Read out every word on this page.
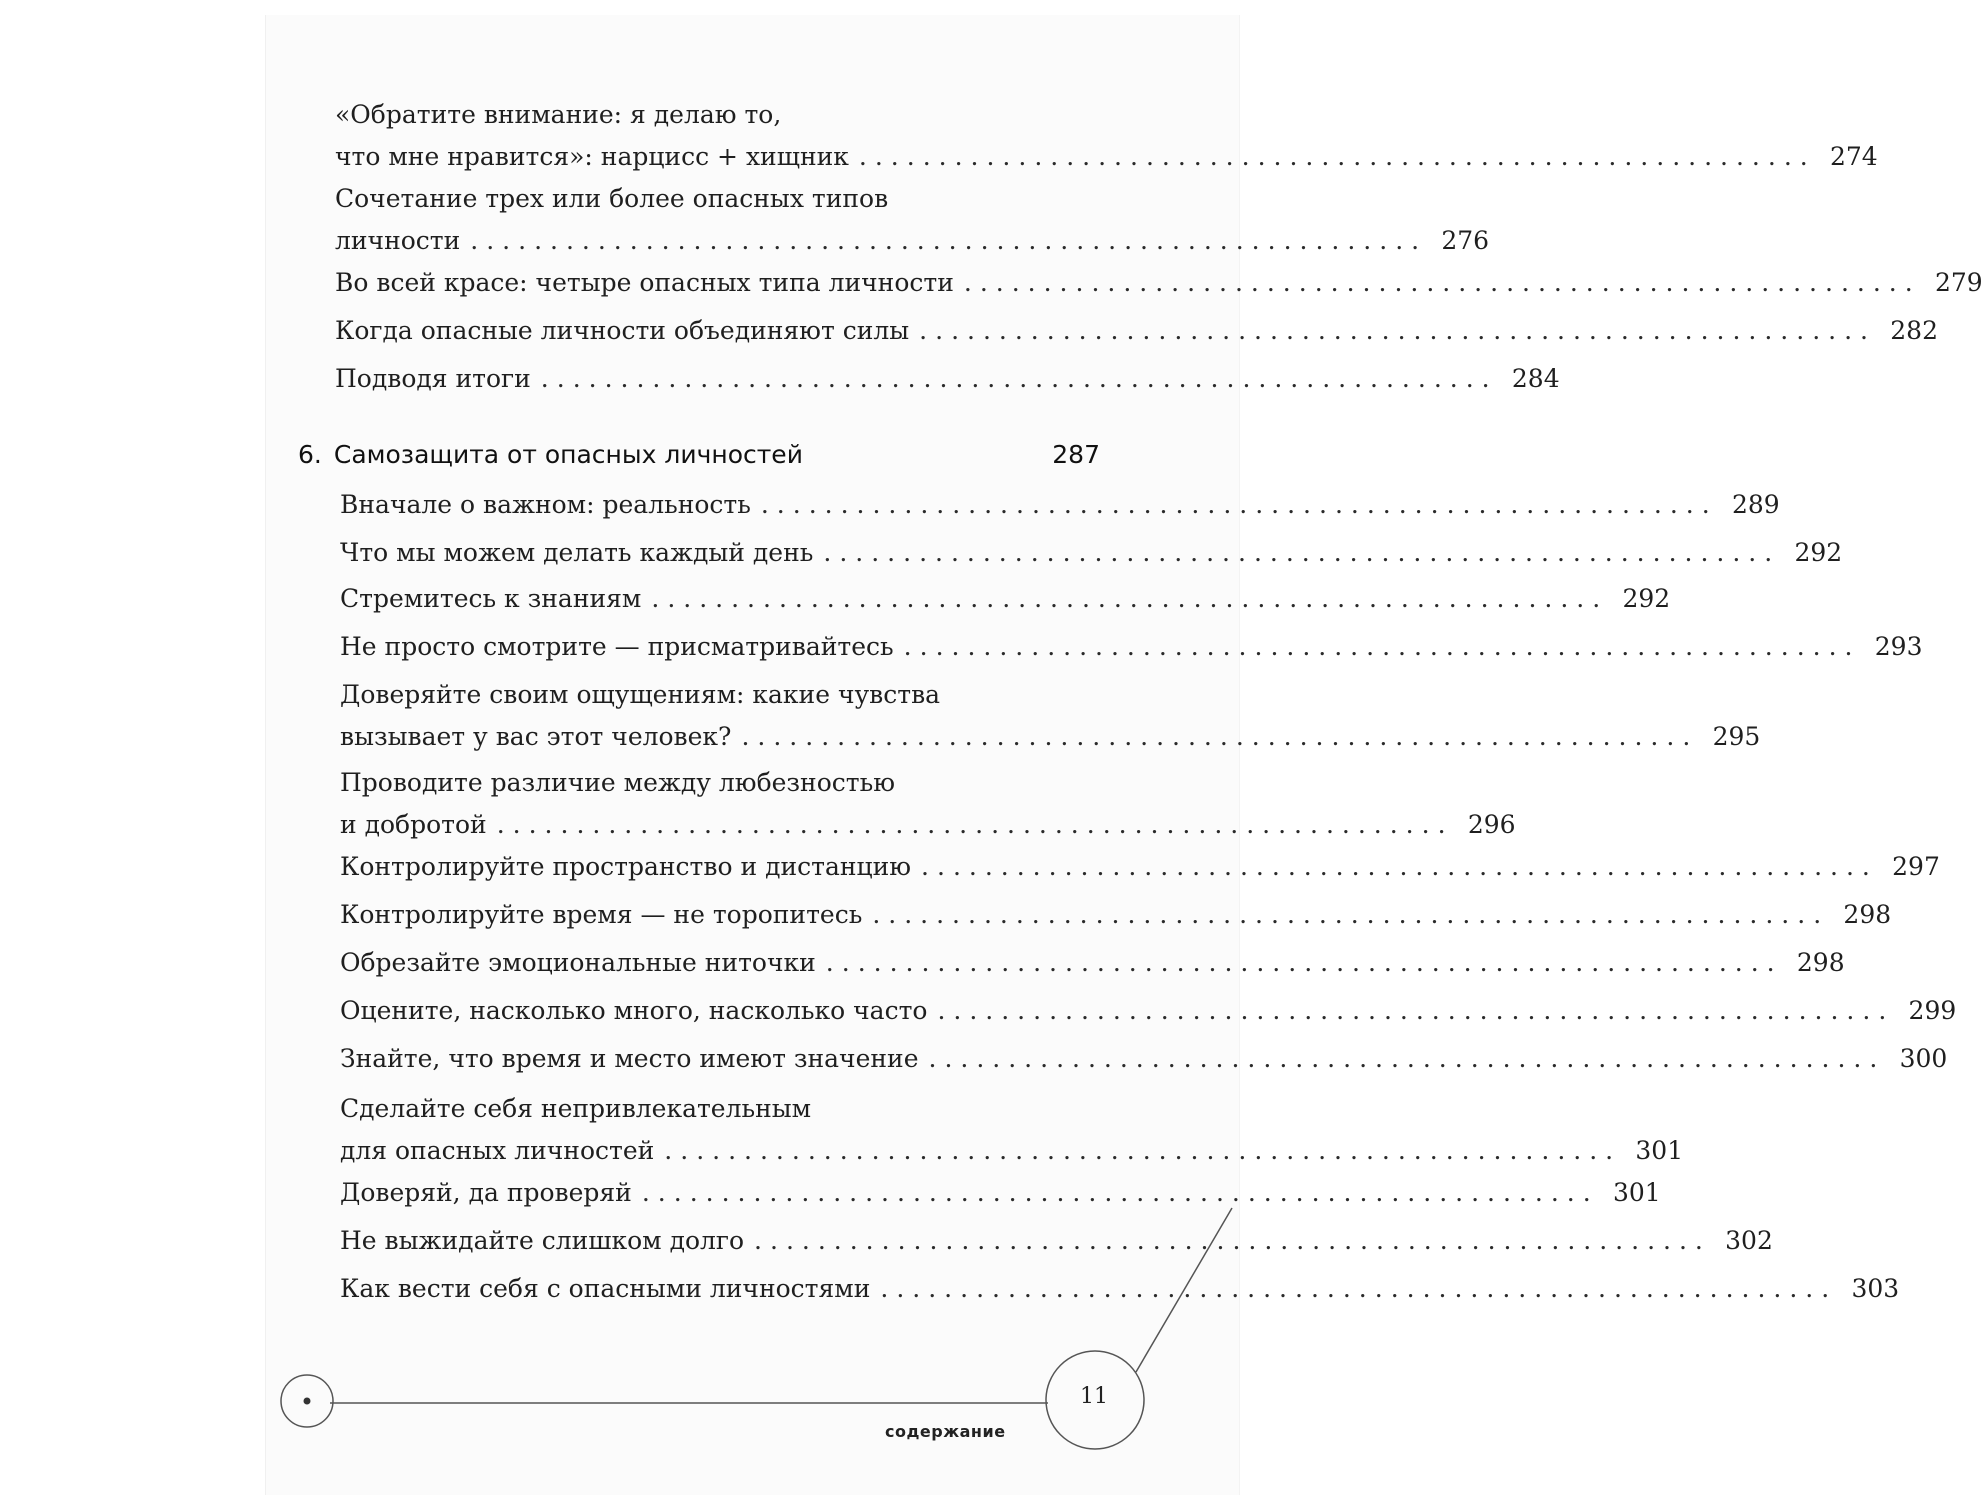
«Обратите внимание: я делаю то,
что мне нравится»: нарцисс + хищник ............................................................ 274
Сочетание трех или более опасных типов
личности ............................................................ 276
Во всей красе: четыре опасных типа личности ............................................................ 279
Когда опасные личности объединяют силы ............................................................ 282
Подводя итоги ............................................................ 284
6. Самозащита от опасных личностей	287
Вначале о важном: реальность ............................................................ 289
Что мы можем делать каждый день ............................................................ 292
Стремитесь к знаниям ............................................................ 292
Не просто смотрите — присматривайтесь ............................................................ 293
Доверяйте своим ощущениям: какие чувства
вызывает у вас этот человек? ............................................................ 295
Проводите различие между любезностью
и добротой ............................................................ 296
Контролируйте пространство и дистанцию ............................................................ 297
Контролируйте время — не торопитесь ............................................................ 298
Обрезайте эмоциональные ниточки ............................................................ 298
Оцените, насколько много, насколько часто ............................................................ 299
Знайте, что время и место имеют значение ............................................................ 300
Сделайте себя непривлекательным
для опасных личностей ............................................................ 301
Доверяй, да проверяй ............................................................ 301
Не выжидайте слишком долго ............................................................ 302
Как вести себя с опасными личностями ............................................................ 303
11
содержание
